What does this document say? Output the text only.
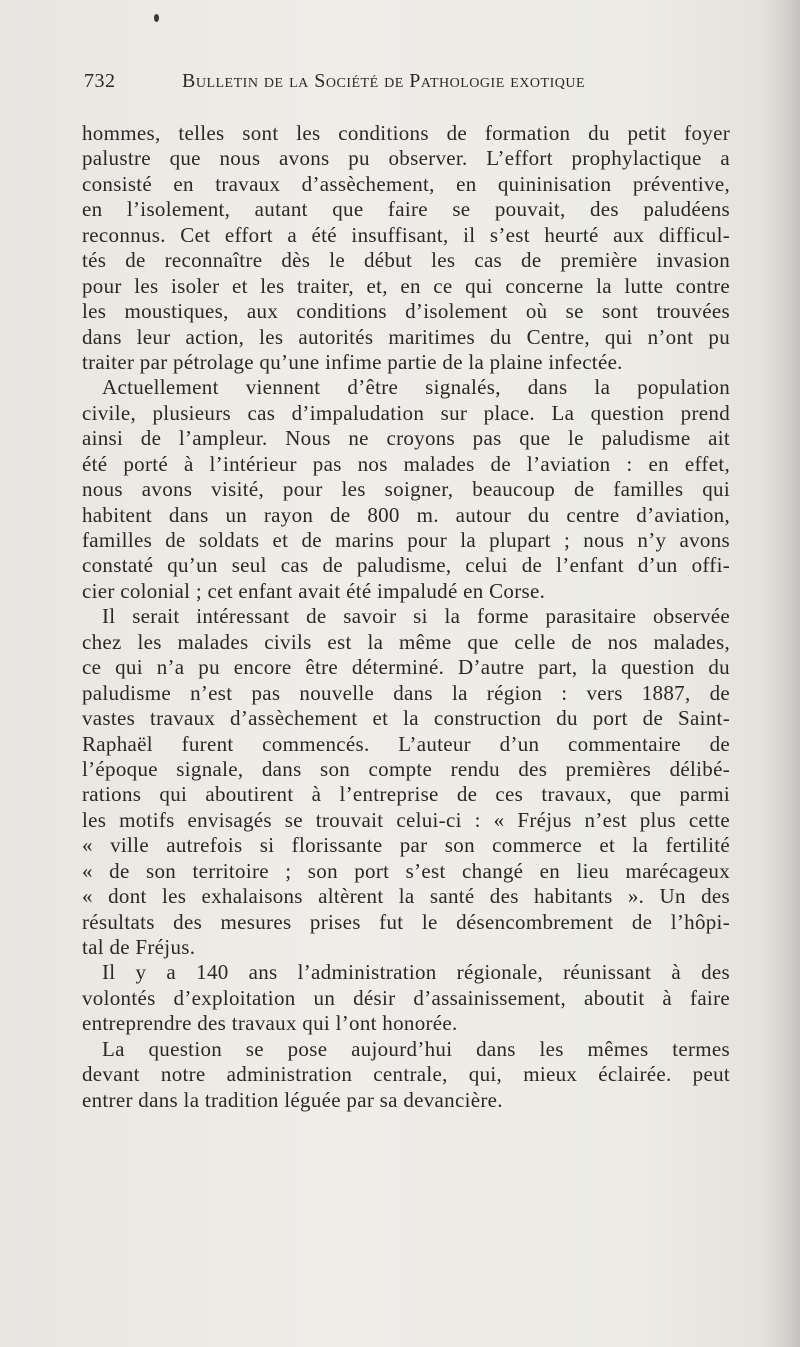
732	Bulletin de la Société de Pathologie exotique
hommes, telles sont les conditions de formation du petit foyer
palustre que nous avons pu observer. L’effort prophylactique a
consisté en travaux d’assèchement, en quininisation préventive,
en l’isolement, autant que faire se pouvait, des paludéens
reconnus. Cet effort a été insuffisant, il s’est heurté aux difficul-
tés de reconnaître dès le début les cas de première invasion
pour les isoler et les traiter, et, en ce qui concerne la lutte contre
les moustiques, aux conditions d’isolement où se sont trouvées
dans leur action, les autorités maritimes du Centre, qui n’ont pu
traiter par pétrolage qu’une infime partie de la plaine infectée.
Actuellement viennent d’être signalés, dans la population
civile, plusieurs cas d’impaludation sur place. La question prend
ainsi de l’ampleur. Nous ne croyons pas que le paludisme ait
été porté à l’intérieur pas nos malades de l’aviation : en effet,
nous avons visité, pour les soigner, beaucoup de familles qui
habitent dans un rayon de 800 m. autour du centre d’aviation,
familles de soldats et de marins pour la plupart ; nous n’y avons
constaté qu’un seul cas de paludisme, celui de l’enfant d’un offi-
cier colonial ; cet enfant avait été impaludé en Corse.
Il serait intéressant de savoir si la forme parasitaire observée
chez les malades civils est la même que celle de nos malades,
ce qui n’a pu encore être déterminé. D’autre part, la question du
paludisme n’est pas nouvelle dans la région : vers 1887, de
vastes travaux d’assèchement et la construction du port de Saint-
Raphaël furent commencés. L’auteur d’un commentaire de
l’époque signale, dans son compte rendu des premières délibé-
rations qui aboutirent à l’entreprise de ces travaux, que parmi
les motifs envisagés se trouvait celui-ci : « Fréjus n’est plus cette
« ville autrefois si florissante par son commerce et la fertilité
« de son territoire ; son port s’est changé en lieu marécageux
« dont les exhalaisons altèrent la santé des habitants ». Un des
résultats des mesures prises fut le désencombrement de l’hôpi-
tal de Fréjus.
Il y a 140 ans l’administration régionale, réunissant à des
volontés d’exploitation un désir d’assainissement, aboutit à faire
entreprendre des travaux qui l’ont honorée.
La question se pose aujourd’hui dans les mêmes termes
devant notre administration centrale, qui, mieux éclairée. peut
entrer dans la tradition léguée par sa devancière.
